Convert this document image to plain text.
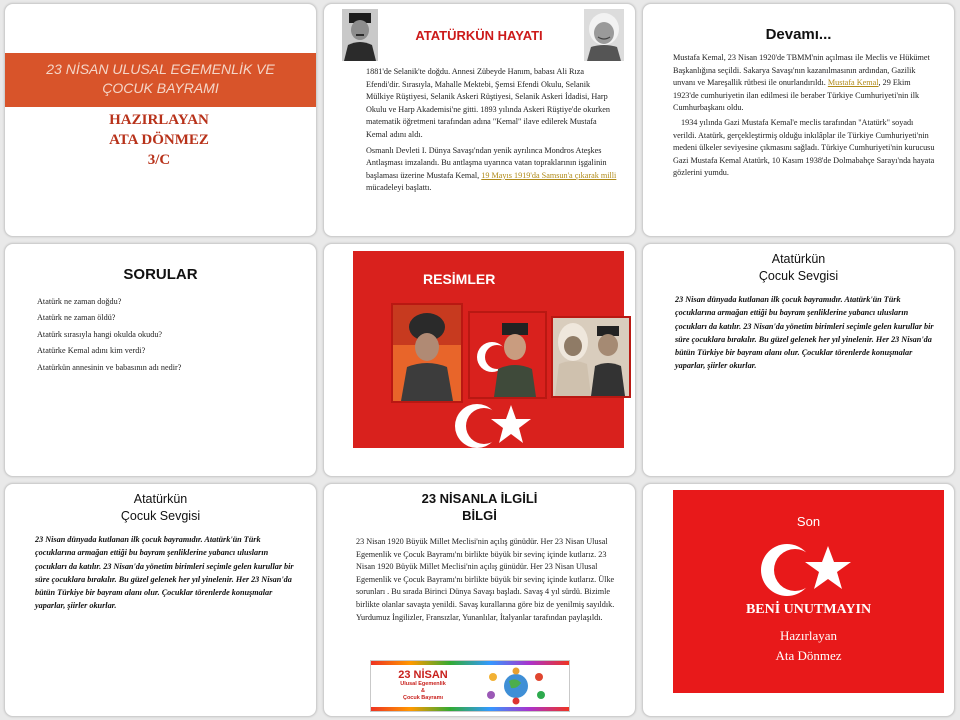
23 NİSAN ULUSAL EGEMENLİK VE
ÇOCUK BAYRAMI
HAZIRLAYAN
ATA DÖNMEZ
3/C
ATATÜRKÜN HAYATI

1881'de Selanik'te doğdu. Annesi Zübeyde Hanım, babası Ali Rıza Efendi'dir. Sırasıyla, Mahalle Mektebi, Şemsi Efendi Okulu, Selanik Mülkiye Rüştiyesi, Selanik Askeri Rüştiyesi, Selanik Askeri İdadisi, Harp Okulu ve Harp Akademisi'ne gitti. 1893 yılında Askeri Rüştiye'de okurken matematik öğretmeni tarafından adına "Kemal" ilave edilerek Mustafa Kemal adını aldı.

Osmanlı Devleti I. Dünya Savaşı'ndan yenik ayrılınca Mondros Ateşkes Antlaşması imzalandı. Bu antlaşma uyarınca vatan topraklarının işgalinin başlaması üzerine Mustafa Kemal, 19 Mayıs 1919'da Samsun'a çıkarak milli mücadeleyi başlattı.

Devamı...

Mustafa Kemal, 23 Nisan 1920'de TBMM'nin açılması ile Meclis ve Hükümet Başkanlığına seçildi. Sakarya Savaşı'nın kazanılmasının ardından, Gazilik unvanı ve Mareşallik rütbesi ile onurlandırıldı. Mustafa Kemal, 29 Ekim 1923'de cumhuriyetin ilan edilmesi ile beraber Türkiye Cumhuriyeti'nin ilk Cumhurbaşkanı oldu.

1934 yılında Gazi Mustafa Kemal'e meclis tarafından "Atatürk" soyadı verildi. Atatürk, gerçekleştirmiş olduğu inkılâplar ile Türkiye Cumhuriyeti'nin medeni ülkeler seviyesine çıkmasını sağladı. Türkiye Cumhuriyeti'nin kurucusu Gazi Mustafa Kemal Atatürk, 10 Kasım 1938'de Dolmabahçe Sarayı'nda hayata gözlerini yumdu.

SORULAR
Atatürk ne zaman doğdu?
Atatürk ne zaman öldü?
Atatürk sırasıyla hangi okulda okudu?
Atatürke Kemal adını kim verdi?
Atatürkün annesinin ve babasının adı nedir?
RESİMLER
Atatürkün
Çocuk Sevgisi
23 Nisan dünyada kutlanan ilk çocuk bayramıdır. Atatürk'ün Türk çocuklarına armağan ettiği bu bayram şenliklerine yabancı ulusların çocukları da katılır. 23 Nisan'da yönetim birimleri seçimle gelen kurullar bir süre çocuklara bırakılır. Bu güzel gelenek her yıl yinelenir. Her 23 Nisan'da bütün Türkiye bir bayram alanı olur. Çocuklar törenlerde konuşmalar yaparlar, şiirler okurlar.
Atatürkün
Çocuk Sevgisi
23 Nisan dünyada kutlanan ilk çocuk bayramıdır. Atatürk'ün Türk çocuklarına armağan ettiği bu bayram şenliklerine yabancı ulusların çocukları da katılır. 23 Nisan'da yönetim birimleri seçimle gelen kurullar bir süre çocuklara bırakılır. Bu güzel gelenek her yıl yinelenir. Her 23 Nisan'da bütün Türkiye bir bayram alanı olur. Çocuklar törenlerde konuşmalar yaparlar, şiirler okurlar.
23 NİSANLA İLGİLİ
BİLGİ
23 Nisan 1920 Büyük Millet Meclisi'nin açılış günüdür. Her 23 Nisan Ulusal Egemenlik ve Çocuk Bayramı'nı birlikte büyük bir sevinç içinde kutlarız. 23 Nisan 1920 Büyük Millet Meclisi'nin açılış günüdür. Her 23 Nisan Ulusal Egemenlik ve Çocuk Bayramı'nı birlikte büyük bir sevinç içinde kutlarız. Ülke sorunları . Bu sırada Birinci Dünya Savaşı başladı. Savaş 4 yıl sürdü. Bizimle birlikte olanlar savaşta yenildi. Savaş kurallarına göre biz de yenilmiş sayıldık. Yurdumuz İngilizler, Fransızlar, Yunanlılar, İtalyanlar tarafından paylaşıldı.
23 NİSAN
Ulusal Egemenlik
&
Çocuk Bayramı
Son
BENİ UNUTMAYIN
Hazırlayan
Ata Dönmez
